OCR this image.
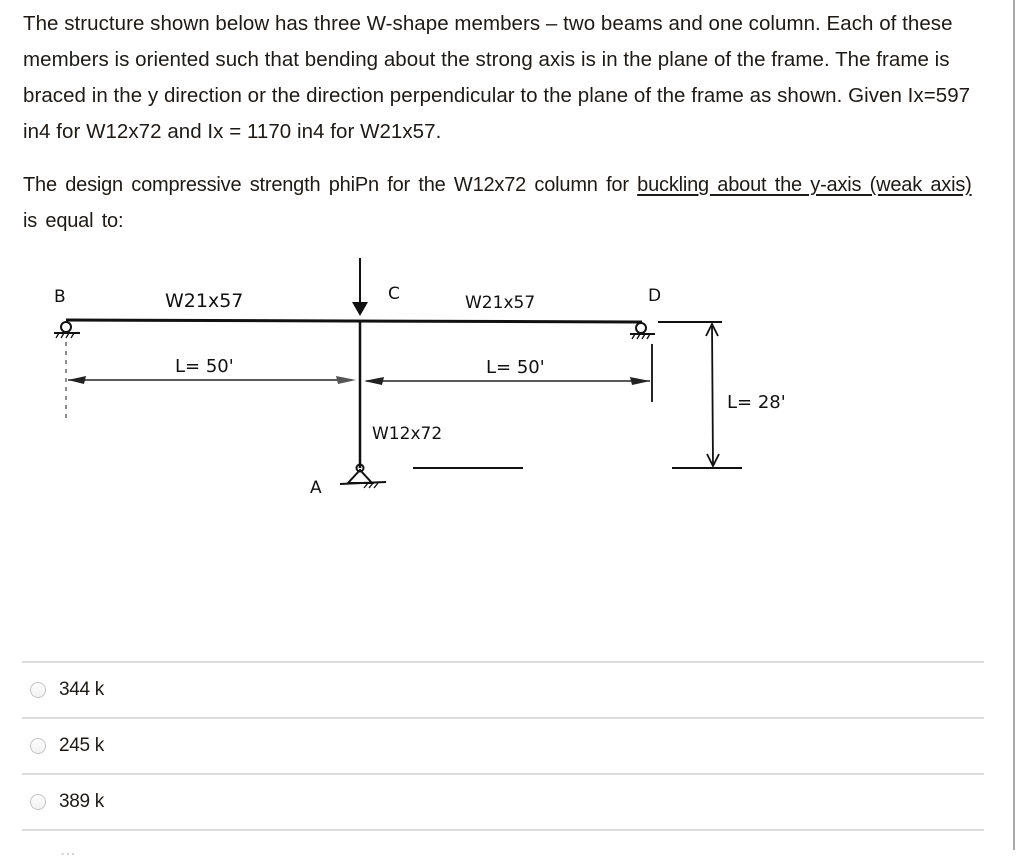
The structure shown below has three W-shape members – two beams and one column. Each of these members is oriented such that bending about the strong axis is in the plane of the frame. The frame is braced in the y direction or the direction perpendicular to the plane of the frame as shown. Given Ix=597 in4 for W12x72 and Ix = 1170 in4 for W21x57.

The design compressive strength phiPn for the W12x72 column for buckling about the y-axis (weak axis) is equal to:

B	C	D
A
W21x57	W21x57
W12x72
L= 50'	L= 50'
L= 28'
344 k
245 k
389 k
...
